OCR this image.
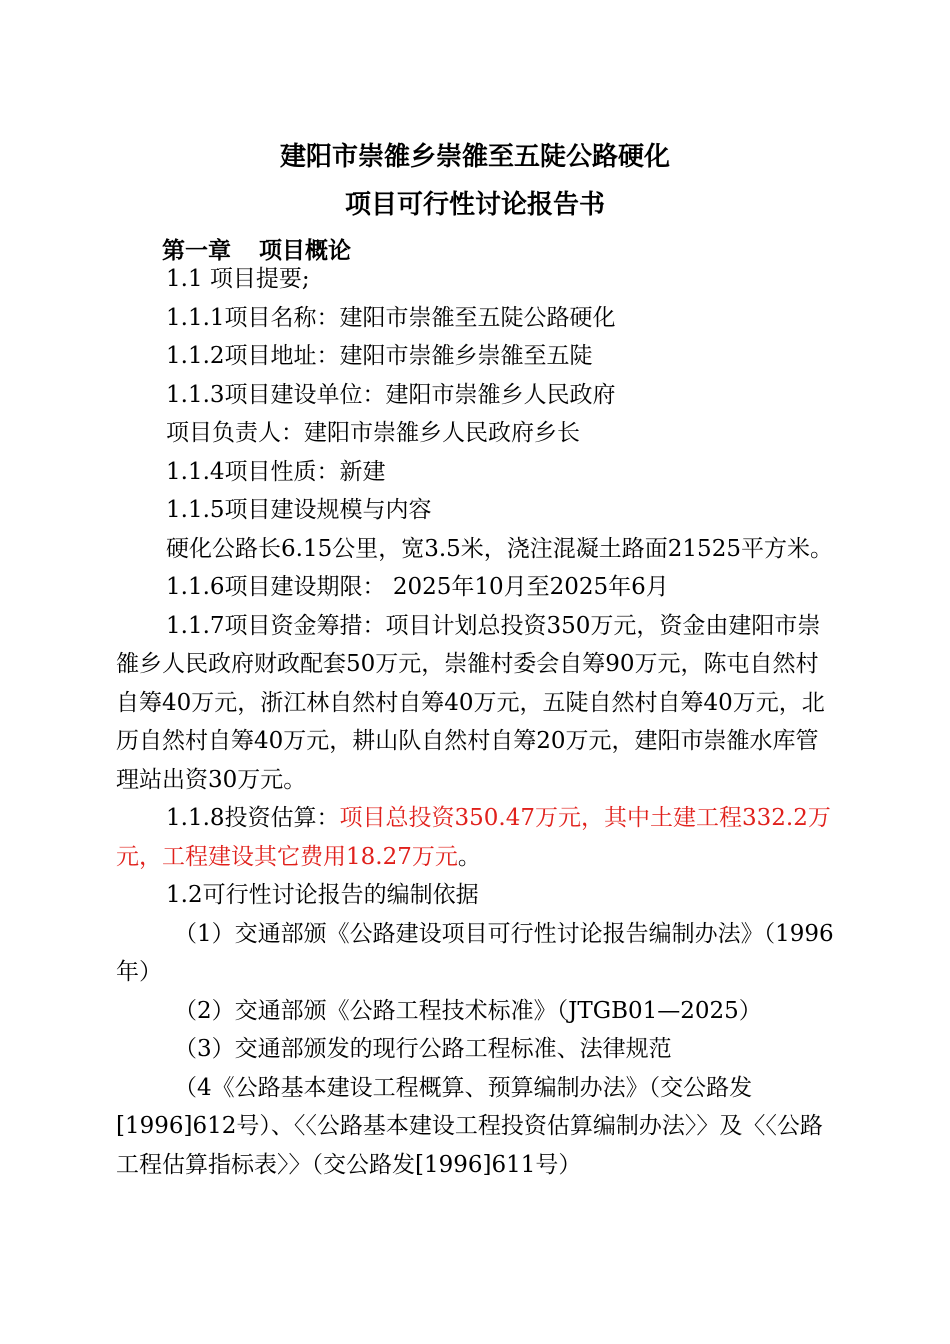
建阳市崇雒乡崇雒至五陡公路硬化
项目可行性讨论报告书
第一章 项目概论

1.1 项目提要;

1.1.1项目名称：建阳市崇雒至五陡公路硬化

1.1.2项目地址：建阳市崇雒乡崇雒至五陡

1.1.3项目建设单位：建阳市崇雒乡人民政府

项目负责人：建阳市崇雒乡人民政府乡长

1.1.4项目性质：新建

1.1.5项目建设规模与内容

硬化公路长6.15公里，宽3.5米，浇注混凝土路面21525平方米。

1.1.6项目建设期限： 2025年10月至2025年6月

1.1.7项目资金筹措：项目计划总投资350万元，资金由建阳市崇雒乡人民政府财政配套50万元，崇雒村委会自筹90万元，陈屯自然村自筹40万元，浙江林自然村自筹40万元，五陡自然村自筹40万元，北历自然村自筹40万元，耕山队自然村自筹20万元，建阳市崇雒水库管理站出资30万元。

1.1.8投资估算：项目总投资350.47万元，其中土建工程332.2万元，工程建设其它费用18.27万元。

1.2可行性讨论报告的编制依据

（1）交通部颁《公路建设项目可行性讨论报告编制办法》（1996年）

（2）交通部颁《公路工程技术标准》（JTGB01—2025）

（3）交通部颁发的现行公路工程标准、法律规范

（4《公路基本建设工程概算、预算编制办法》（交公路发[1996]612号）、〈〈公路基本建设工程投资估算编制办法〉〉及〈〈公路工程估算指标表〉〉（交公路发[1996]611号）
